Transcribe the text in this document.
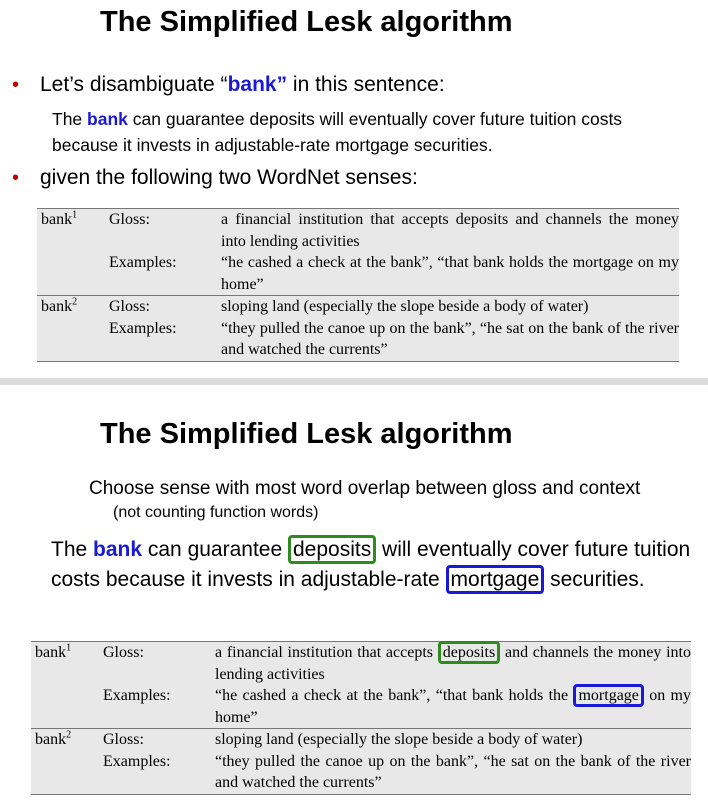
The Simplified Lesk algorithm
• Let’s disambiguate “bank” in this sentence:
The bank can guarantee deposits will eventually cover future tuition costs because it invests in adjustable-rate mortgage securities.
• given the following two WordNet senses:
bank$^1$	Gloss:	a financial institution that accepts deposits and channels the money into lending activities
	Examples:	“he cashed a check at the bank”, “that bank holds the mortgage on my home”
bank$^2$	Gloss:	sloping land (especially the slope beside a body of water)
	Examples:	“they pulled the canoe up on the bank”, “he sat on the bank of the river and watched the currents”
The Simplified Lesk algorithm
Choose sense with most word overlap between gloss and context
(not counting function words)
The bank can guarantee deposits will eventually cover future tuition costs because it invests in adjustable-rate mortgage securities.
bank$^1$	Gloss:	a financial institution that accepts deposits and channels the money into lending activities
	Examples:	“he cashed a check at the bank”, “that bank holds the mortgage on my home”
bank$^2$	Gloss:	sloping land (especially the slope beside a body of water)
	Examples:	“they pulled the canoe up on the bank”, “he sat on the bank of the river and watched the currents”
